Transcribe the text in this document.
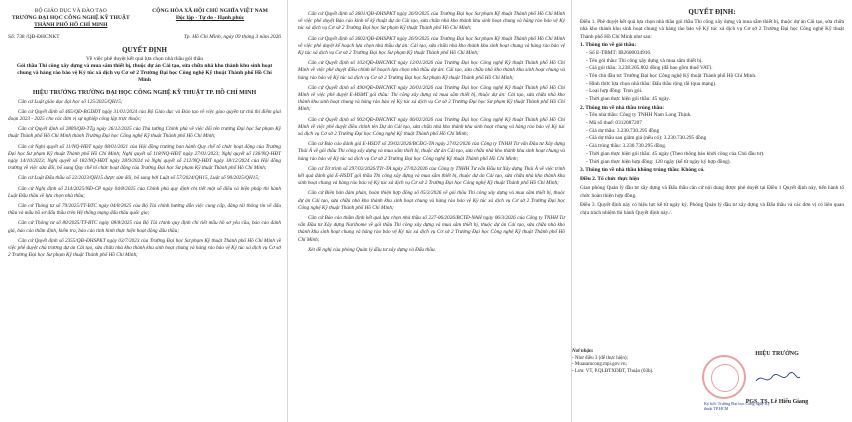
BỘ GIÁO DỤC VÀ ĐÀO TẠO
TRƯỜNG ĐẠI HỌC CÔNG NGHỆ KỸ THUẬT
THÀNH PHỐ HỒ CHÍ MINH
CỘNG HÒA XÃ HỘI CHỦ NGHĨA VIỆT NAM
Độc lập - Tự do - Hạnh phúc
Số: 738 /QĐ-ĐHCNKT	Tp. Hồ Chí Minh, ngày 09 tháng 3 năm 2026
QUYẾT ĐỊNH
Về việc phê duyệt kết quả lựa chọn nhà thầu gói thầu
Gói thầu Thi công xây dựng và mua sắm thiết bị, thuộc dự án Cải tạo, sửa chữa nhà kho thành khu sinh hoạt chung và hàng rào bảo vệ Ký túc xá dịch vụ Cơ sở 2 Trường Đại học Công nghệ Kỹ thuật Thành phố Hồ Chí Minh
HIỆU TRƯỞNG TRƯỜNG ĐẠI HỌC CÔNG NGHỆ KỸ THUẬT TP. HỒ CHÍ MINH

Căn cứ Luật giáo dục đại học số 125/2025/QH15;

Căn cứ Quyết định số 465/QĐ-BGDĐT ngày 31/01/2024 của Bộ Giáo dục và Đào tạo về việc giao quyền tự chủ thí điểm giai đoạn 2023 - 2025 cho các đơn vị sự nghiệp công lập trực thuộc;

Căn cứ Quyết định số 2809/QĐ-TTg ngày 26/12/2025 của Thủ tướng Chính phủ về việc đổi tên trường Đại học Sư phạm Kỹ thuật Thành phố Hồ Chí Minh thành Trường Đại học Công nghệ Kỹ thuật Thành phố Hồ Chí Minh;

Căn cứ Nghị quyết số 11/NQ-HĐT ngày 08/01/2021 của Hội đồng trường ban hành Quy chế tổ chức hoạt động của Trường Đại học Sư phạm Kỹ thuật Thành phố Hồ Chí Minh; Nghị quyết số 118/NQ-HĐT ngày 27/01/2023; Nghị quyết số 136/NQ-HĐT ngày 14/10/2023; Nghị quyết số 182/NQ-HĐT ngày 28/9/2024 và Nghị quyết số 212/NQ-HĐT ngày 18/12/2024 của Hội đồng trường về việc sửa đổi, bổ sung Quy chế tổ chức hoạt động của Trường Đại học Sư phạm Kỹ thuật Thành phố Hồ Chí Minh;

Căn cứ Luật Đấu thầu số 22/2023/QH15 được sửa đổi, bổ sung bởi Luật số 57/2024/QH15, Luật số 90/2025/QH15;

Căn cứ Nghị định số 214/2025/NĐ-CP ngày 04/8/2025 của Chính phủ quy định chi tiết một số điều và biện pháp thi hành Luật Đấu thầu về lựa chọn nhà thầu;

Căn cứ Thông tư số 79/2025/TT-BTC ngày 04/8/2025 của Bộ Tài chính hướng dẫn việc cung cấp, đăng tải thông tin về đấu thầu và mẫu hồ sơ đấu thầu trên Hệ thống mạng đấu thầu quốc gia;

Căn cứ Thông tư số 80/2025/TT-BTC ngày 08/8/2025 của Bộ Tài chính quy định chi tiết mẫu hồ sơ yêu cầu, báo cáo đánh giá, báo cáo thẩm định, kiểm tra, báo cáo tình hình thực hiện hoạt động đấu thầu;

Căn cứ Quyết định số 2355/QĐ-ĐHSPKT ngày 03/7/2023 của Trường Đại học Sư phạm Kỹ thuật Thành phố Hồ Chí Minh về việc phê duyệt chủ trương dự án Cải tạo, sửa chữa nhà kho thành khu sinh hoạt chung và hàng rào bảo vệ Ký túc xá dịch vụ Cơ sở 2 Trường Đại học Sư phạm Kỹ thuật Thành phố Hồ Chí Minh;

Căn cứ Quyết định số 3601/QĐ-ĐHSPKT ngày 26/9/2025 của Trường Đại học Sư phạm Kỹ thuật Thành phố Hồ Chí Minh về việc phê duyệt Báo cáo kinh tế kỹ thuật dự án Cải tạo, sửa chữa nhà kho thành khu sinh hoạt chung và hàng rào bảo vệ Ký túc xá dịch vụ Cơ sở 2 Trường Đại học Sư phạm Kỹ thuật Thành phố Hồ Chí Minh;

Căn cứ Quyết định số 3602/QĐ-ĐHSPKT ngày 26/9/2025 của Trường Đại học Sư phạm Kỹ thuật Thành phố Hồ Chí Minh về việc phê duyệt kế hoạch lựa chọn nhà thầu dự án: Cải tạo, sửa chữa nhà kho thành khu sinh hoạt chung và hàng rào bảo vệ Ký túc xá dịch vụ Cơ sở 2 Trường Đại học Sư phạm Kỹ thuật Thành phố Hồ Chí Minh;

Căn cứ Quyết định số 102/QĐ-ĐHCNKT ngày 12/01/2026 của Trường Đại học Công nghệ Kỹ thuật Thành phố Hồ Chí Minh về việc phê duyệt điều chỉnh kế hoạch lựa chọn nhà thầu dự án: Cải tạo, sửa chữa nhà kho thành khu sinh hoạt chung và hàng rào bảo vệ Ký túc xá dịch vụ Cơ sở 2 Trường Đại học Sư phạm Kỹ thuật Thành phố Hồ Chí Minh;

Căn cứ Quyết định số 490/QĐ-ĐHCNKT ngày 26/01/2026 của Trường Đại học Công nghệ Kỹ thuật Thành phố Hồ Chí Minh về việc phê duyệt E-HSMT gói thầu: Thi công xây dựng và mua sắm thiết bị, thuộc dự án: Cải tạo, sửa chữa nhà kho thành khu sinh hoạt chung và hàng rào bảo vệ Ký túc xá dịch vụ Cơ sở 2 Trường Đại học Sư phạm Kỹ thuật Thành phố Hồ Chí Minh;

Căn cứ Quyết định số 902/QĐ-ĐHCNKT ngày 06/02/2026 của Trường Đại học Công nghệ Kỹ thuật Thành phố Hồ Chí Minh về việc phê duyệt điều chỉnh tên Dự án Cải tạo, sửa chữa nhà kho thành khu sinh hoạt chung và hàng rào bảo vệ Ký túc xá dịch vụ Cơ sở 2 Trường Đại học Công nghệ Kỹ thuật Thành phố Hồ Chí Minh;

Căn cứ Báo cáo đánh giá E-HSDT số 29/02/2026/BCĐG-TA ngày 27/02/2026 của Công ty TNHH Tư vấn Đầu tư Xây dựng Thái Á về gói thầu Thi công xây dựng và mua sắm thiết bị, thuộc dự án Cải tạo, sửa chữa nhà kho thành khu sinh hoạt chung và hàng rào bảo vệ Ký túc xá dịch vụ Cơ sở 2 Trường Đại học Công nghệ Kỹ thuật Thành phố Hồ Chí Minh;

Căn cứ Tờ trình số 297/02/2026/TTr-TA ngày 27/02/2026 của Công ty TNHH Tư vấn Đầu tư Xây dựng Thái Á về việc trình kết quả đánh giá E-HSDT gói thầu Thi công xây dựng và mua sắm thiết bị, thuộc dự án Cải tạo, sửa chữa nhà kho thành khu sinh hoạt chung và hàng rào bảo vệ Ký túc xá dịch vụ Cơ sở 2 Trường Đại học Công nghệ Kỹ thuật Thành phố Hồ Chí Minh;

Căn cứ Biên bản đàm phán, hoàn thiện hợp đồng số 05/3/2026 về gói thầu Thi công xây dựng và mua sắm thiết bị, thuộc dự án Cải tạo, sửa chữa nhà kho thành khu sinh hoạt chung và hàng rào bảo vệ Ký túc xá dịch vụ Cơ sở 2 Trường Đại học Công nghệ Kỹ thuật Thành phố Hồ Chí Minh;

Căn cứ Báo cáo thẩm định kết quả lựa chọn nhà thầu số 227-06/2026/BCTĐ-NAH ngày 06/3/2026 của Công ty TNHH Tư vấn Đầu tư Xây dựng Narihome về gói thầu Thi công xây dựng và mua sắm thiết bị, thuộc dự án Cải tạo, sửa chữa nhà kho thành khu sinh hoạt chung và hàng rào bảo vệ Ký túc xá dịch vụ Cơ sở 2 Trường Đại học Công nghệ Kỹ thuật Thành phố Hồ Chí Minh;

Xét đề nghị của phòng Quản lý đầu tư xây dựng và Đấu thầu.

QUYẾT ĐỊNH:
Điều 1. Phê duyệt kết quả lựa chọn nhà thầu gói thầu Thi công xây dựng và mua sắm thiết bị, thuộc dự án Cải tạo, sửa chữa nhà kho thành khu sinh hoạt chung và hàng rào bảo vệ Ký túc xá dịch vụ Cơ sở 2 Trường Đại học Công nghệ Kỹ thuật Thành phố Hồ Chí Minh như sau:
1. Thông tin về gói thầu:
- Số E-TBMT: IB2600034916.
- Tên gói thầu: Thi công xây dựng và mua sắm thiết bị.
- Giá gói thầu: 3.238.205.802 đồng (đã bao gồm thuế VAT).
- Tên chủ đầu tư: Trường Đại học Công nghệ Kỹ thuật Thành phố Hồ Chí Minh.
- Hình thức lựa chọn nhà thầu: Đấu thầu rộng rãi (qua mạng).
- Loại hợp đồng: Trọn gói.
- Thời gian thực hiện gói thầu: 45 ngày.
2. Thông tin về nhà thầu trúng thầu:
- Tên nhà thầu: Công ty TNHH Nam Long Thịnh.
- Mã số thuế: 0312087207
- Giá dự thầu: 3.230.730.295 đồng
- Giá dự thầu sau giảm giá (nếu có): 3.230.730.295 đồng
- Giá trúng thầu: 3.230.730.295 đồng.
- Thời gian thực hiện gói thầu: 45 ngày (Theo thông báo khởi công của Chủ đầu tư).
- Thời gian thực hiện hợp đồng: 120 ngày (kể từ ngày ký hợp đồng).
3. Thông tin về nhà thầu không trúng thầu: Không có.
Điều 2. Tổ chức thực hiện
Giao phòng Quản lý đầu tư xây dựng và Đấu thầu căn cứ nội dung được phê duyệt tại Điều 1 Quyết định này, tiến hành tổ chức hoàn thiện hợp đồng.
Điều 3. Quyết định này có hiệu lực kể từ ngày ký. Phòng Quản lý đầu tư xây dựng và Đấu thầu và các đơn vị có liên quan chịu trách nhiệm thi hành Quyết định này./.
Nơi nhận:
- Như điều 3 (để thực hiện);
- Muasamcong.mpi.gov.vn;
- Lưu: VT, P.QLĐTXDĐT, Thuận (03b).
HIỆU TRƯỞNG
Ký bởi: Trường Đại học Công nghệ Kỹ thuật TP.HCM
PGS. TS. Lê Hiếu Giang
